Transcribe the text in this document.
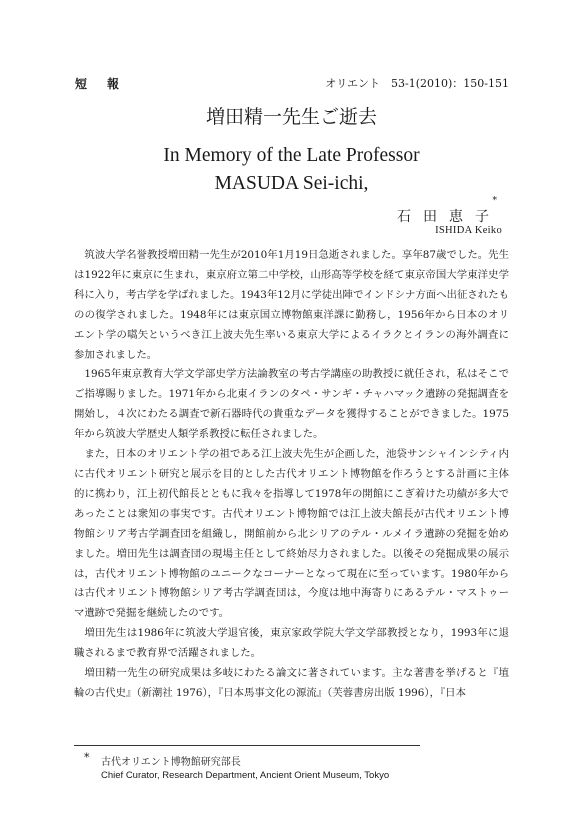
短　報	オリエント　53-1(2010)：150-151
増田精一先生ご逝去
In Memory of the Late Professor
MASUDA Sei-ichi,
*
石田恵子
ISHIDA Keiko

筑波大学名誉教授増田精一先生が2010年1月19日急逝されました。享年87歳でした。先生は1922年に東京に生まれ，東京府立第二中学校，山形高等学校を経て東京帝国大学東洋史学科に入り，考古学を学ばれました。1943年12月に学徒出陣でインドシナ方面へ出征されたものの復学されました。1948年には東京国立博物館東洋課に勤務し，1956年から日本のオリエント学の嚆矢というべき江上波夫先生率いる東京大学によるイラクとイランの海外調査に参加されました。

1965年東京教育大学文学部史学方法論教室の考古学講座の助教授に就任され，私はそこでご指導賜りました。1971年から北東イランのタペ・サンギ・チャハマック遺跡の発掘調査を開始し，４次にわたる調査で新石器時代の貴重なデータを獲得することができました。1975年から筑波大学歴史人類学系教授に転任されました。

また，日本のオリエント学の祖である江上波夫先生が企画した，池袋サンシャインシティ内に古代オリエント研究と展示を目的とした古代オリエント博物館を作ろうとする計画に主体的に携わり，江上初代館長とともに我々を指導して1978年の開館にこぎ着けた功績が多大であったことは衆知の事実です。古代オリエント博物館では江上波夫館長が古代オリエント博物館シリア考古学調査団を組織し，開館前から北シリアのテル・ルメイラ遺跡の発掘を始めました。増田先生は調査団の現場主任として終始尽力されました。以後その発掘成果の展示は，古代オリエント博物館のユニークなコーナーとなって現在に至っています。1980年からは古代オリエント博物館シリア考古学調査団は，今度は地中海寄りにあるテル・マストゥーマ遺跡で発掘を継続したのです。

増田先生は1986年に筑波大学退官後，東京家政学院大学文学部教授となり，1993年に退職されるまで教育界で活躍されました。

増田精一先生の研究成果は多岐にわたる論文に著されています。主な著書を挙げると『埴輪の古代史』（新潮社 1976），『日本馬事文化の源流』（芙蓉書房出版 1996），『日本

* 古代オリエント博物館研究部長
Chief Curator, Research Department, Ancient Orient Museum, Tokyo
